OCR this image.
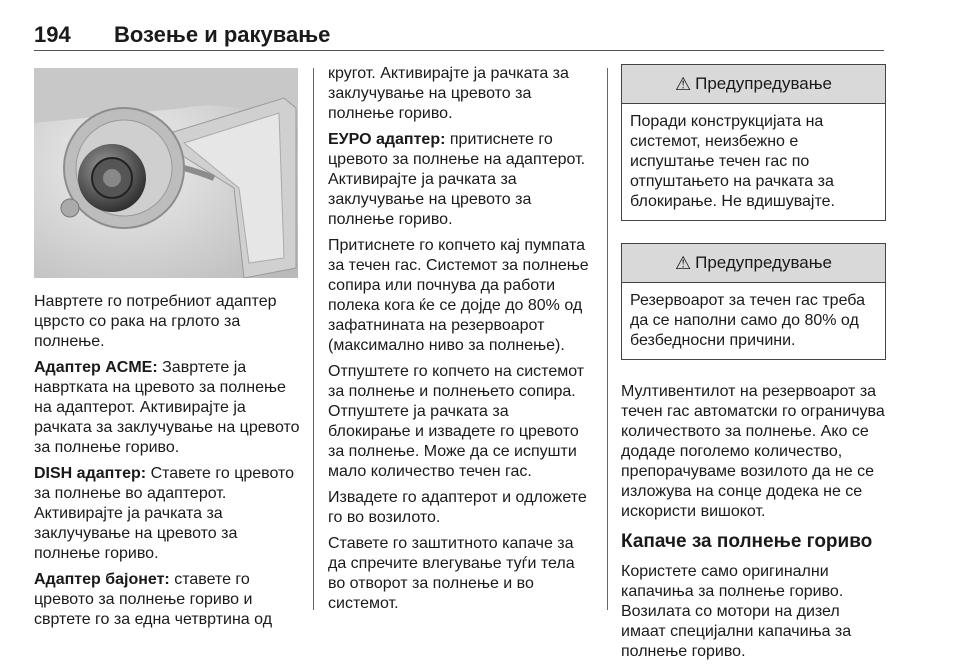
194 Возење и ракување

Навртете го потребниот адаптер цврсто со рака на грлото за полнење.

Адаптер ACME: Завртете ја навртката на цревото за полнење на адаптерот. Активирајте ја рачката за заклучување на цревото за полнење гориво.

DISH адаптер: Ставете го цревото за полнење во адаптерот. Активирајте ја рачката за заклучување на цревото за полнење гориво.

Адаптер бајонет: ставете го цревото за полнење гориво и свртете го за една четвртина од

кругот. Активирајте ја рачката за заклучување на цревото за полнење гориво.

ЕУРО адаптер: притиснете го цревото за полнење на адаптерот. Активирајте ја рачката за заклучување на цревото за полнење гориво.

Притиснете го копчето кај пумпата за течен гас. Системот за полнење сопира или почнува да работи полека кога ќе се дојде до 80% од зафатнината на резервоарот (максимално ниво за полнење).

Отпуштете го копчето на системот за полнење и полнењето сопира. Отпуштете ја рачката за блокирање и извадете го цревото за полнење. Може да се испушти мало количество течен гас.

Извадете го адаптерот и одложете го во возилото.

Ставете го заштитното капаче за да спречите влегување туѓи тела во отворот за полнење и во системот.

⚠ Предупредување
Поради конструкцијата на системот, неизбежно е испуштање течен гас по отпуштањето на рачката за блокирање. Не вдишувајте.
⚠ Предупредување
Резервоарот за течен гас треба да се наполни само до 80% од безбедносни причини.

Мултивентилот на резервоарот за течен гас автоматски го ограничува количеството за полнење. Ако се додаде поголемо количество, препорачуваме возилото да не се изложува на сонце додека не се искористи вишокот.

Капаче за полнење гориво

Користете само оригинални капачиња за полнење гориво. Возилата со мотори на дизел имаат специјални капачиња за полнење гориво.
